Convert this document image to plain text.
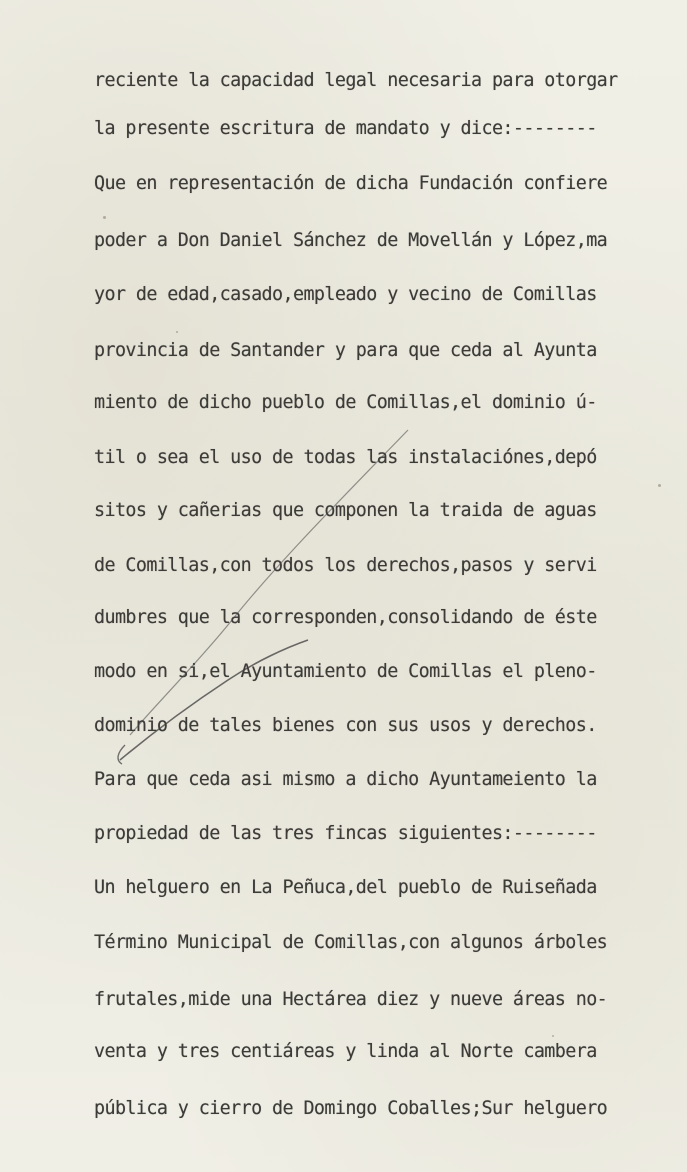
reciente la capacidad legal necesaria para otorgar
la presente escritura de mandato y dice:--------
Que en representación de dicha Fundación confiere
poder a Don Daniel Sánchez de Movellán y López,ma
yor de edad,casado,empleado y vecino de Comillas
provincia de Santander y para que ceda al Ayunta
miento de dicho pueblo de Comillas,el dominio ú-
til o sea el uso de todas las instalaciónes,depó
sitos y cañerias que componen la traida de aguas
de Comillas,con todos los derechos,pasos y servi
dumbres que la corresponden,consolidando de éste
modo en si,el Ayuntamiento de Comillas el pleno-
dominio de tales bienes con sus usos y derechos.
Para que ceda asi mismo a dicho Ayuntameiento la
propiedad de las tres fincas siguientes:--------
Un helguero en La Peñuca,del pueblo de Ruiseñada
Término Municipal de Comillas,con algunos árboles
frutales,mide una Hectárea diez y nueve áreas no-
venta y tres centiáreas y linda al Norte cambera
pública y cierro de Domingo Coballes;Sur helguero
